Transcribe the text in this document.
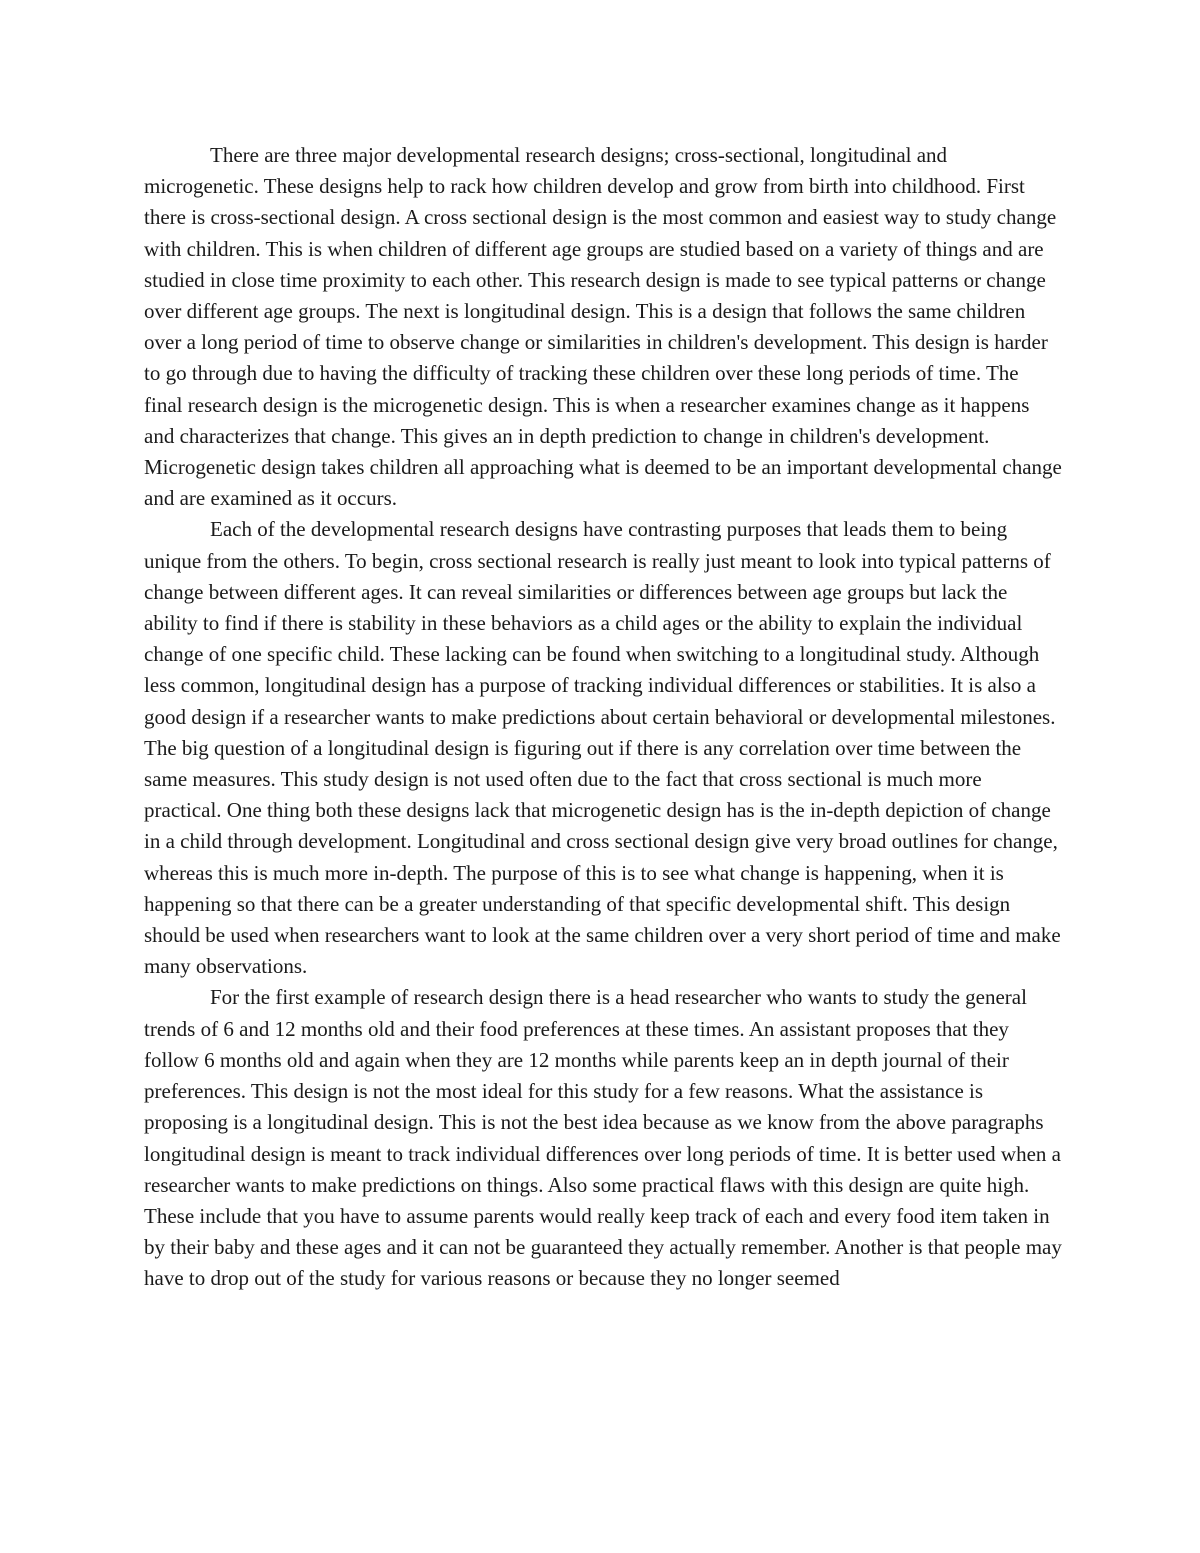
There are three major developmental research designs; cross-sectional, longitudinal and microgenetic. These designs help to rack how children develop and grow from birth into childhood. First there is cross-sectional design. A cross sectional design is the most common and easiest way to study change with children. This is when children of different age groups are studied based on a variety of things and are studied in close time proximity to each other. This research design is made to see typical patterns or change over different age groups. The next is longitudinal design. This is a design that follows the same children over a long period of time to observe change or similarities in children's development. This design is harder to go through due to having the difficulty of tracking these children over these long periods of time. The final research design is the microgenetic design. This is when a researcher examines change as it happens and characterizes that change. This gives an in depth prediction to change in children's development. Microgenetic design takes children all approaching what is deemed to be an important developmental change and are examined as it occurs.

Each of the developmental research designs have contrasting purposes that leads them to being unique from the others. To begin, cross sectional research is really just meant to look into typical patterns of change between different ages. It can reveal similarities or differences between age groups but lack the ability to find if there is stability in these behaviors as a child ages or the ability to explain the individual change of one specific child. These lacking can be found when switching to a longitudinal study. Although less common, longitudinal design has a purpose of tracking individual differences or stabilities. It is also a good design if a researcher wants to make predictions about certain behavioral or developmental milestones. The big question of a longitudinal design is figuring out if there is any correlation over time between the same measures. This study design is not used often due to the fact that cross sectional is much more practical. One thing both these designs lack that microgenetic design has is the in-depth depiction of change in a child through development. Longitudinal and cross sectional design give very broad outlines for change, whereas this is much more in-depth. The purpose of this is to see what change is happening, when it is happening so that there can be a greater understanding of that specific developmental shift. This design should be used when researchers want to look at the same children over a very short period of time and make many observations.

For the first example of research design there is a head researcher who wants to study the general trends of 6 and 12 months old and their food preferences at these times. An assistant proposes that they follow 6 months old and again when they are 12 months while parents keep an in depth journal of their preferences. This design is not the most ideal for this study for a few reasons. What the assistance is proposing is a longitudinal design. This is not the best idea because as we know from the above paragraphs longitudinal design is meant to track individual differences over long periods of time. It is better used when a researcher wants to make predictions on things. Also some practical flaws with this design are quite high. These include that you have to assume parents would really keep track of each and every food item taken in by their baby and these ages and it can not be guaranteed they actually remember. Another is that people may have to drop out of the study for various reasons or because they no longer seemed
